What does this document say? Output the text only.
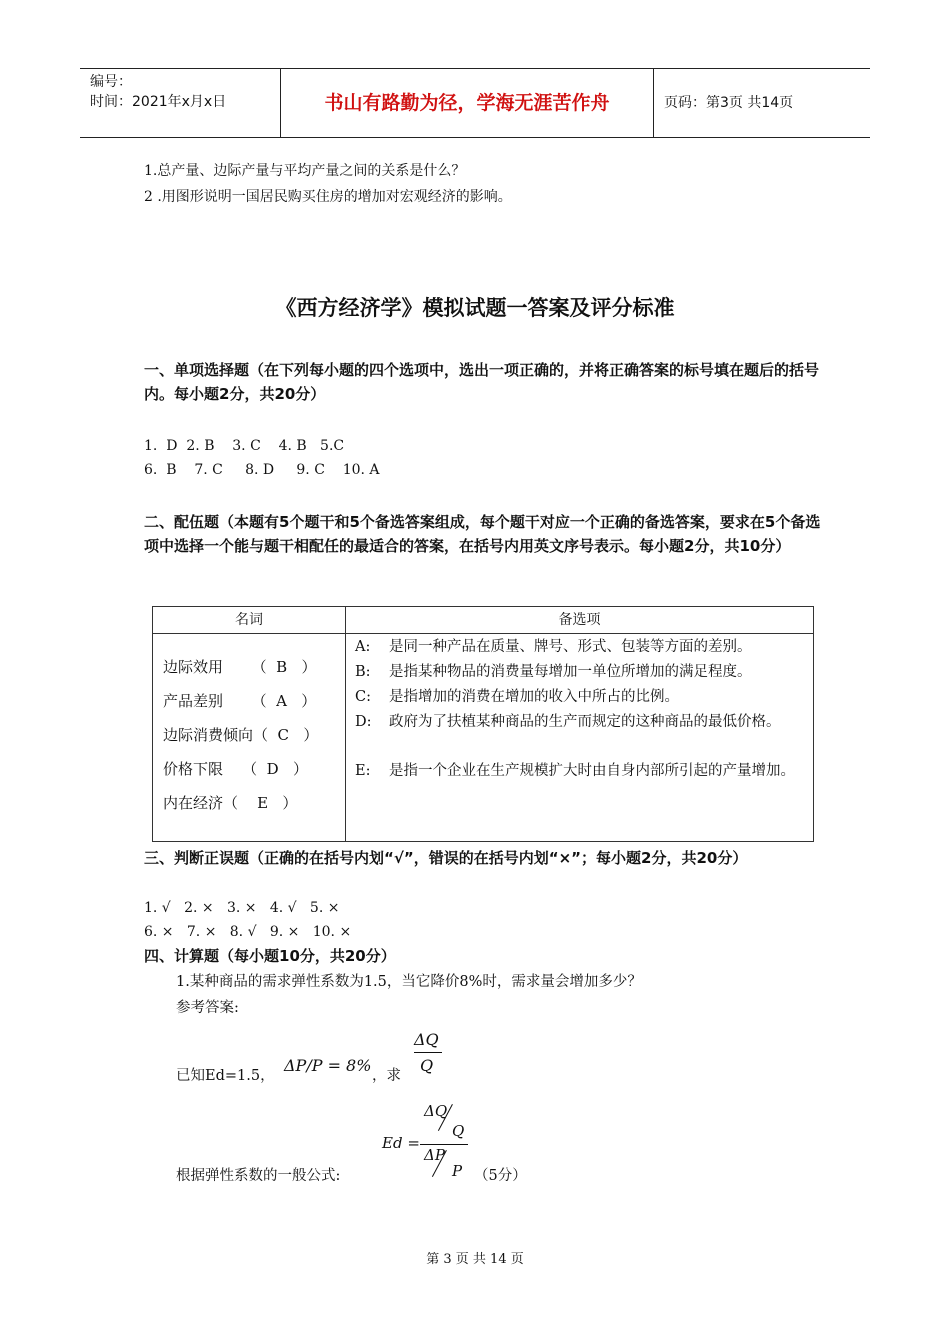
编号：
时间：2021年x月x日	书山有路勤为径，学海无涯苦作舟	页码：第3页 共14页
1.总产量、边际产量与平均产量之间的关系是什么？
2 .用图形说明一国居民购买住房的增加对宏观经济的影响。
《西方经济学》模拟试题一答案及评分标准
一、单项选择题（在下列每小题的四个选项中，选出一项正确的，并将正确答案的标号填在题后的括号内。每小题2分，共20分）
1.  D  2. B    3. C    4. B   5.C
6.  B    7. C     8. D     9. C    10. A
二、配伍题（本题有5个题干和5个备选答案组成，每个题干对应一个正确的备选答案，要求在5个备选项中选择一个能与题干相配任的最适合的答案，在括号内用英文序号表示。每小题2分，共10分）
名词	备选项
边际效用      （  B   ）
产品差别      （  A   ）
边际消费倾向（  C   ）
价格下限    （  D   ）
内在经济（    E   ）
A: 是同一种产品在质量、牌号、形式、包装等方面的差别。
B: 是指某种物品的消费量每增加一单位所增加的满足程度。
C: 是指增加的消费在增加的收入中所占的比例。
D: 政府为了扶植某种商品的生产而规定的这种商品的最低价格。
E: 是指一个企业在生产规模扩大时由自身内部所引起的产量增加。
三、判断正误题（正确的在括号内划“√”，错误的在括号内划“×”；每小题2分，共20分）
1. √   2. ×   3. ×   4. √   5. ×
6. ×   7. ×   8. √   9. ×   10. ×
四、计算题（每小题10分，共20分）
1.某种商品的需求弹性系数为1.5，当它降价8%时，需求量会增加多少？
参考答案:
已知Ed=1.5，
ΔP/P = 8%
，求
ΔQ
Q
Ed =
ΔQ
Q
ΔP
P
根据弹性系数的一般公式:	（5分）
第 3 页 共 14 页
